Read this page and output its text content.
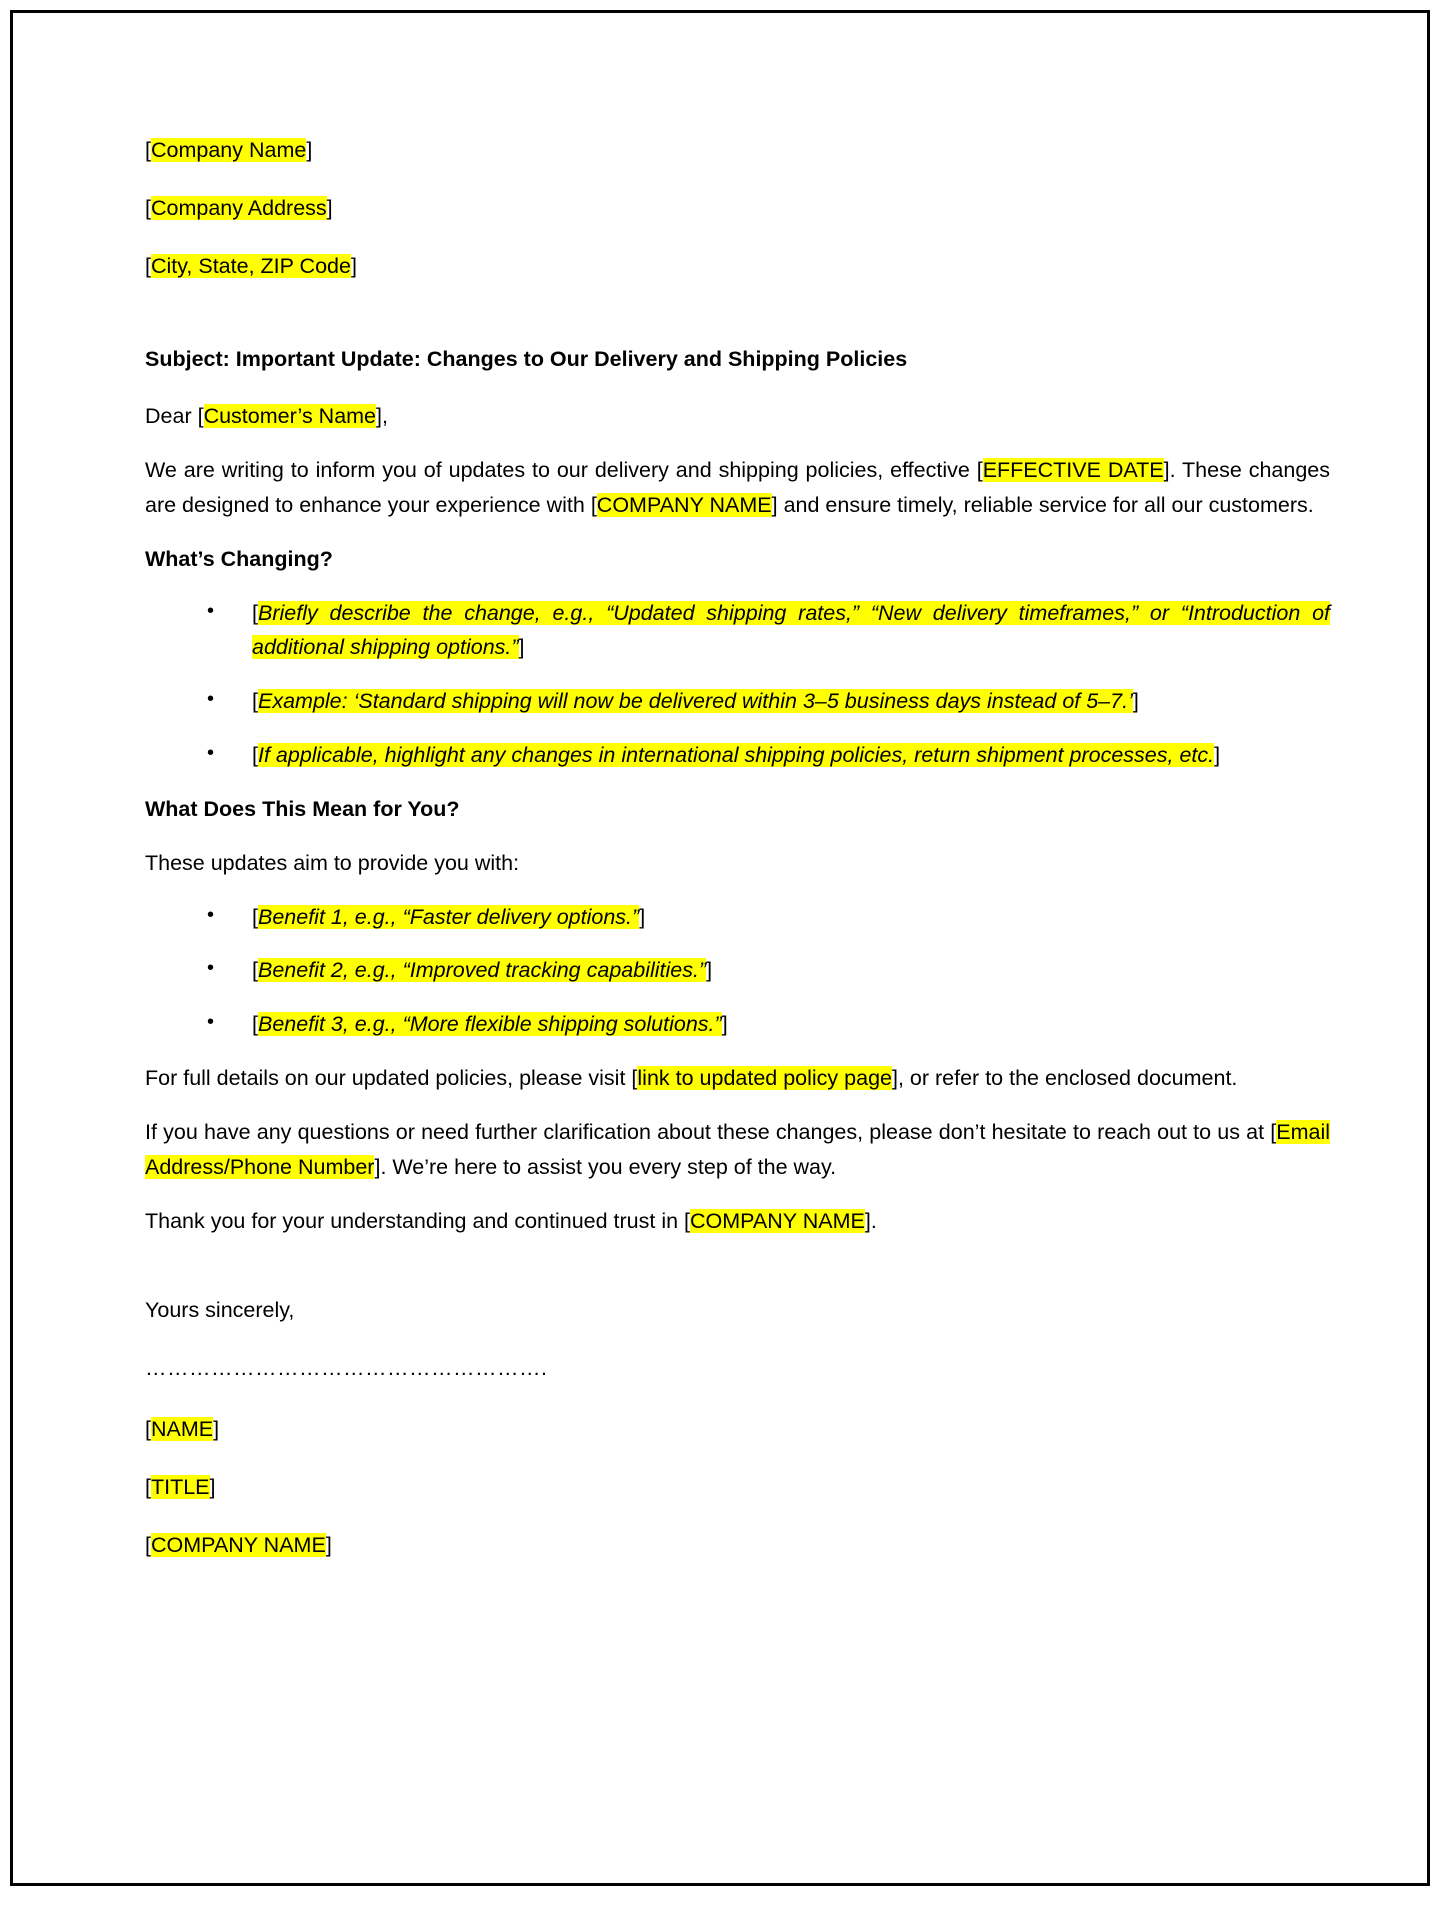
[Company Name]
[Company Address]
[City, State, ZIP Code]

Subject: Important Update: Changes to Our Delivery and Shipping Policies

Dear [Customer’s Name],

We are writing to inform you of updates to our delivery and shipping policies, effective [EFFECTIVE DATE]. These changes are designed to enhance your experience with [COMPANY NAME] and ensure timely, reliable service for all our customers.

What’s Changing?

• [Briefly describe the change, e.g., “Updated shipping rates,” “New delivery timeframes,” or “Introduction of additional shipping options.”]
• [Example: ‘Standard shipping will now be delivered within 3–5 business days instead of 5–7.’]
• [If applicable, highlight any changes in international shipping policies, return shipment processes, etc.]

What Does This Mean for You?

These updates aim to provide you with:

• [Benefit 1, e.g., “Faster delivery options.”]
• [Benefit 2, e.g., “Improved tracking capabilities.”]
• [Benefit 3, e.g., “More flexible shipping solutions.”]

For full details on our updated policies, please visit [link to updated policy page], or refer to the enclosed document.

If you have any questions or need further clarification about these changes, please don’t hesitate to reach out to us at [Email Address/Phone Number]. We’re here to assist you every step of the way.

Thank you for your understanding and continued trust in [COMPANY NAME].

Yours sincerely,

……………………………………………….

[NAME]
[TITLE]
[COMPANY NAME]
